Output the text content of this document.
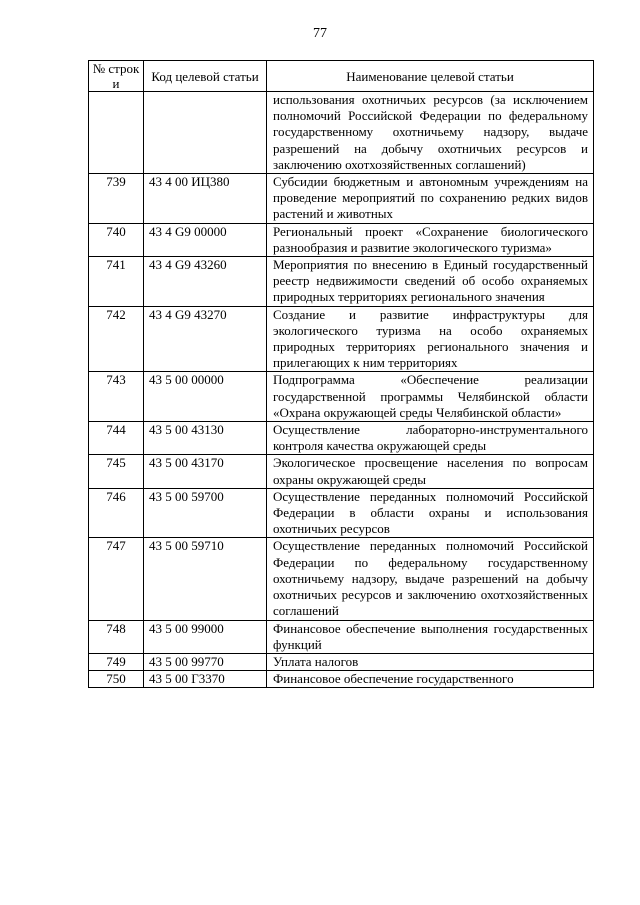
77
№ строк и	Код целевой статьи	Наименование целевой статьи
		использования охотничьих ресурсов (за исключением полномочий Российской Федерации по федеральному государственному охотничьему надзору, выдаче разрешений на добычу охотничьих ресурсов и заключению охотхозяйственных соглашений)
739	43 4 00 ИЦ380	Субсидии бюджетным и автономным учреждениям на проведение мероприятий по сохранению редких видов растений и животных
740	43 4 G9 00000	Региональный проект «Сохранение биологического разнообразия и развитие экологического туризма»
741	43 4 G9 43260	Мероприятия по внесению в Единый государственный реестр недвижимости сведений об особо охраняемых природных территориях регионального значения
742	43 4 G9 43270	Создание и развитие инфраструктуры для экологического туризма на особо охраняемых природных территориях регионального значения и прилегающих к ним территориях
743	43 5 00 00000	Подпрограмма «Обеспечение реализации государственной программы Челябинской области «Охрана окружающей среды Челябинской области»
744	43 5 00 43130	Осуществление лабораторно-инструментального контроля качества окружающей среды
745	43 5 00 43170	Экологическое просвещение населения по вопросам охраны окружающей среды
746	43 5 00 59700	Осуществление переданных полномочий Российской Федерации в области охраны и использования охотничьих ресурсов
747	43 5 00 59710	Осуществление переданных полномочий Российской Федерации по федеральному государственному охотничьему надзору, выдаче разрешений на добычу охотничьих ресурсов и заключению охотхозяйственных соглашений
748	43 5 00 99000	Финансовое обеспечение выполнения государственных функций
749	43 5 00 99770	Уплата налогов
750	43 5 00 Г3370	Финансовое обеспечение государственного
